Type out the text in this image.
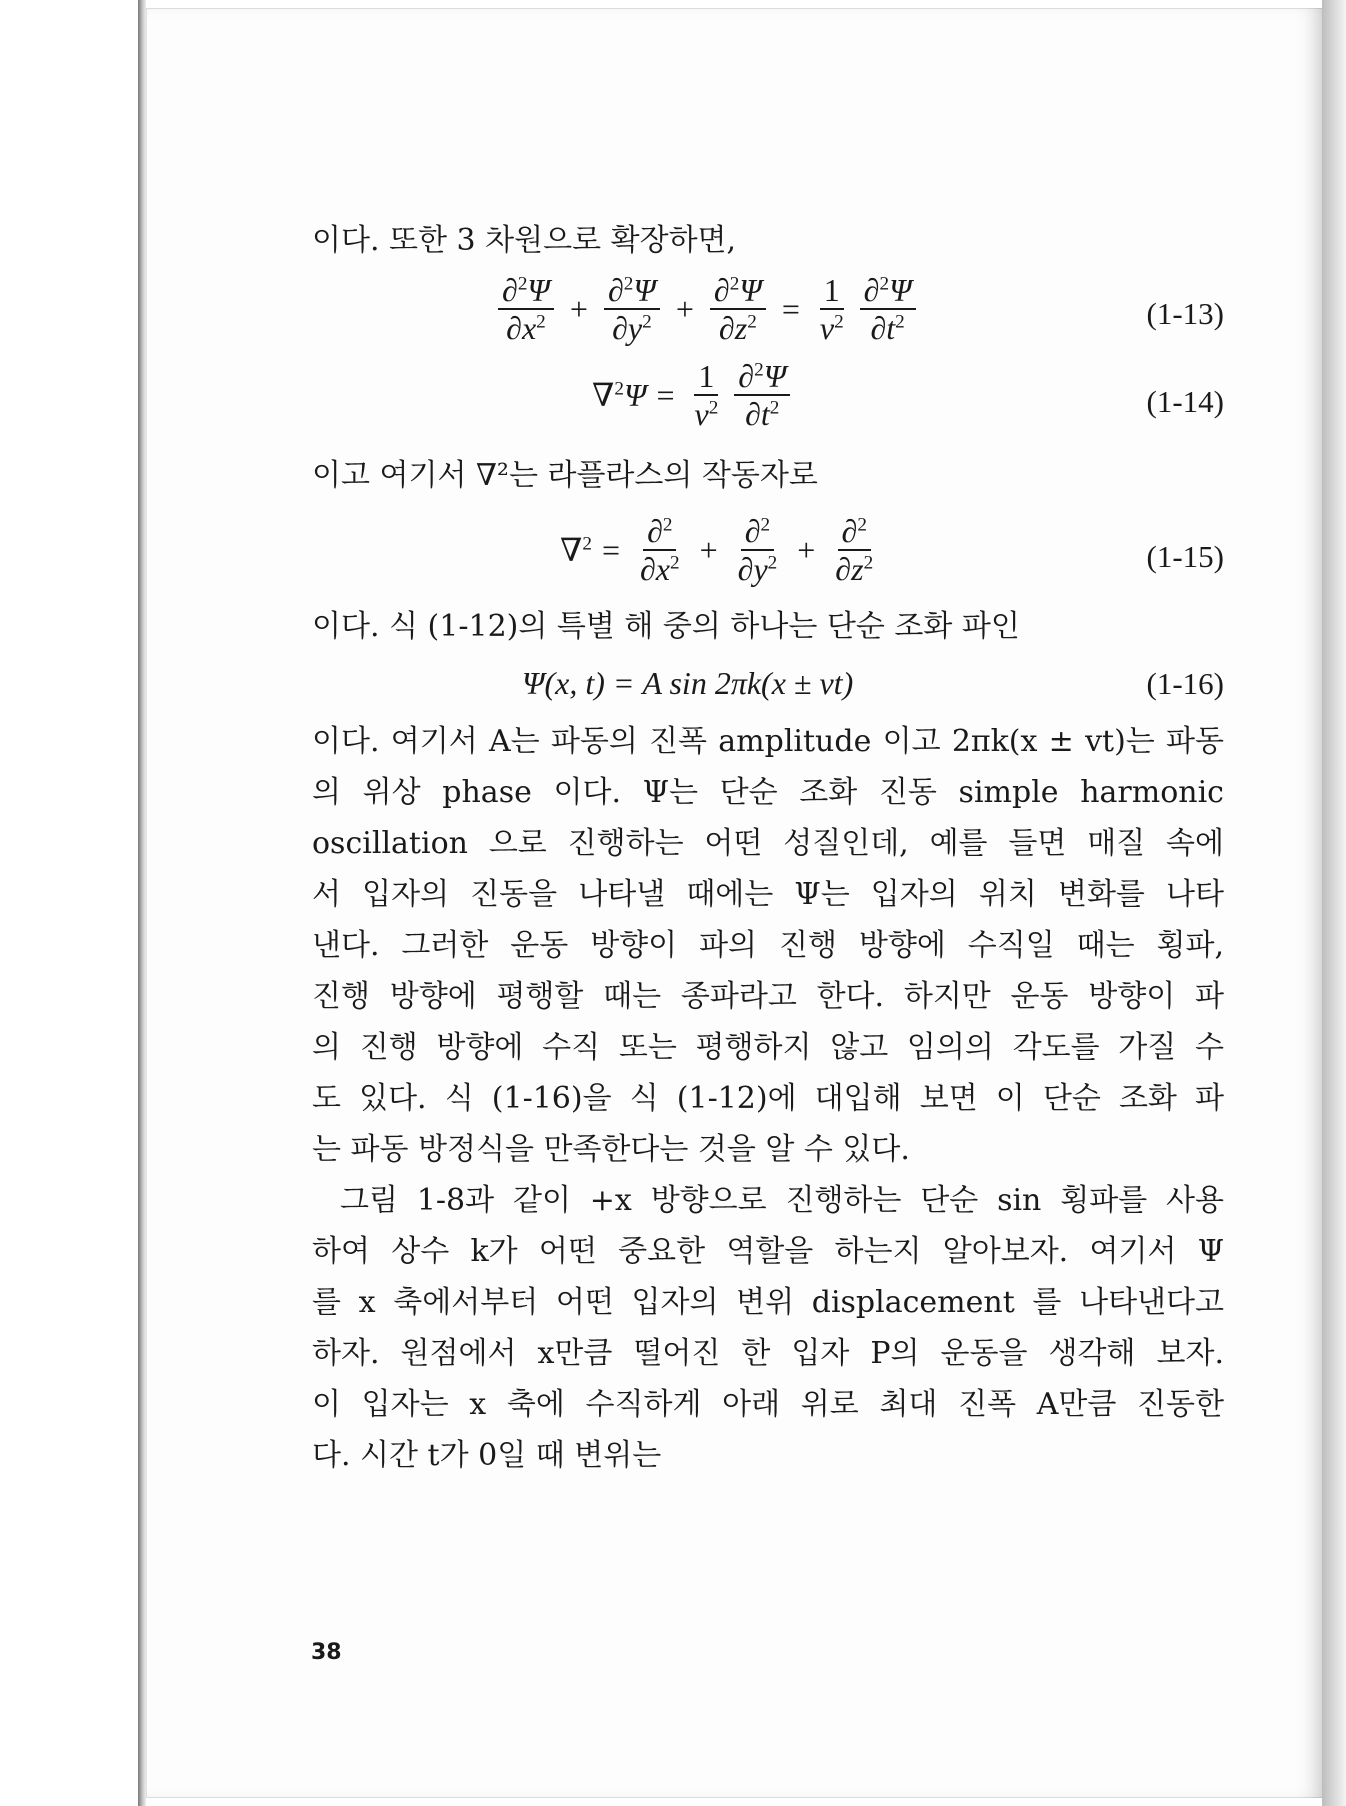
이다. 또한 3 차원으로 확장하면,
$\frac{\partial^2\Psi}{\partial x^2} + \frac{\partial^2\Psi}{\partial y^2} + \frac{\partial^2\Psi}{\partial z^2} = \frac{1}{v^2} \frac{\partial^2\Psi}{\partial t^2}$	(1-13)
$\nabla^2\Psi = \frac{1}{v^2} \frac{\partial^2\Psi}{\partial t^2}$	(1-14)
이고 여기서 ∇²는 라플라스의 작동자로
$\nabla^2 = \frac{\partial^2}{\partial x^2} + \frac{\partial^2}{\partial y^2} + \frac{\partial^2}{\partial z^2}$	(1-15)
이다. 식 (1-12)의 특별 해 중의 하나는 단순 조화 파인
Ψ(x, t) = A sin 2πk(x ± vt)	(1-16)
이다. 여기서 A는 파동의 진폭 amplitude 이고 2πk(x ± vt)는 파동
의 위상 phase 이다. Ψ는 단순 조화 진동 simple harmonic
oscillation 으로 진행하는 어떤 성질인데, 예를 들면 매질 속에
서 입자의 진동을 나타낼 때에는 Ψ는 입자의 위치 변화를 나타
낸다. 그러한 운동 방향이 파의 진행 방향에 수직일 때는 횡파,
진행 방향에 평행할 때는 종파라고 한다. 하지만 운동 방향이 파
의 진행 방향에 수직 또는 평행하지 않고 임의의 각도를 가질 수
도 있다. 식 (1-16)을 식 (1-12)에 대입해 보면 이 단순 조화 파
는 파동 방정식을 만족한다는 것을 알 수 있다.
그림 1-8과 같이 +x 방향으로 진행하는 단순 sin 횡파를 사용
하여 상수 k가 어떤 중요한 역할을 하는지 알아보자. 여기서 Ψ
를 x 축에서부터 어떤 입자의 변위 displacement 를 나타낸다고
하자. 원점에서 x만큼 떨어진 한 입자 P의 운동을 생각해 보자.
이 입자는 x 축에 수직하게 아래 위로 최대 진폭 A만큼 진동한
다. 시간 t가 0일 때 변위는
38
